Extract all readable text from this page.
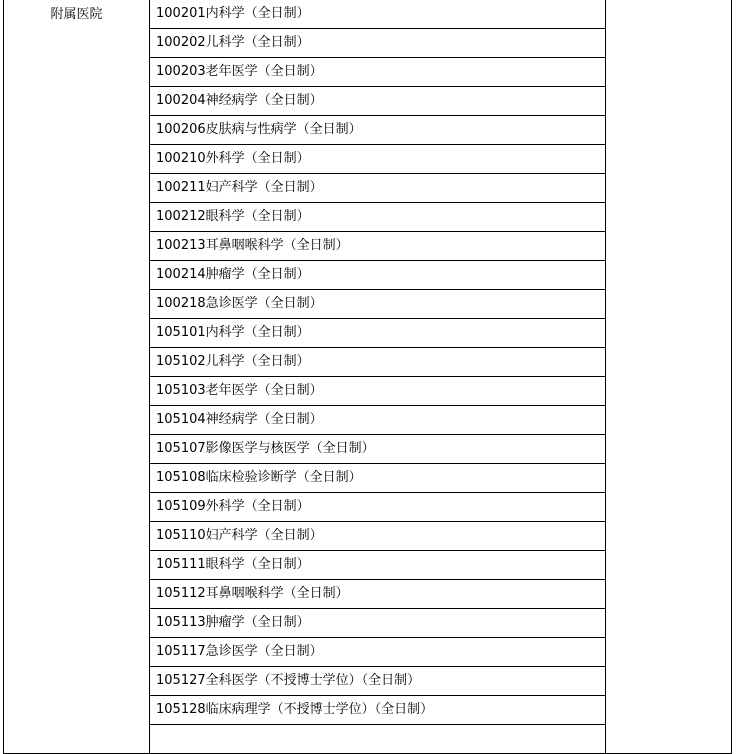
附属医院	100201内科学（全日制）	
100202儿科学（全日制）
100203老年医学（全日制）
100204神经病学（全日制）
100206皮肤病与性病学（全日制）
100210外科学（全日制）
100211妇产科学（全日制）
100212眼科学（全日制）
100213耳鼻咽喉科学（全日制）
100214肿瘤学（全日制）
100218急诊医学（全日制）
105101内科学（全日制）
105102儿科学（全日制）
105103老年医学（全日制）
105104神经病学（全日制）
105107影像医学与核医学（全日制）
105108临床检验诊断学（全日制）
105109外科学（全日制）
105110妇产科学（全日制）
105111眼科学（全日制）
105112耳鼻咽喉科学（全日制）
105113肿瘤学（全日制）
105117急诊医学（全日制）
105127全科医学（不授博士学位）（全日制）
105128临床病理学（不授博士学位）（全日制）
